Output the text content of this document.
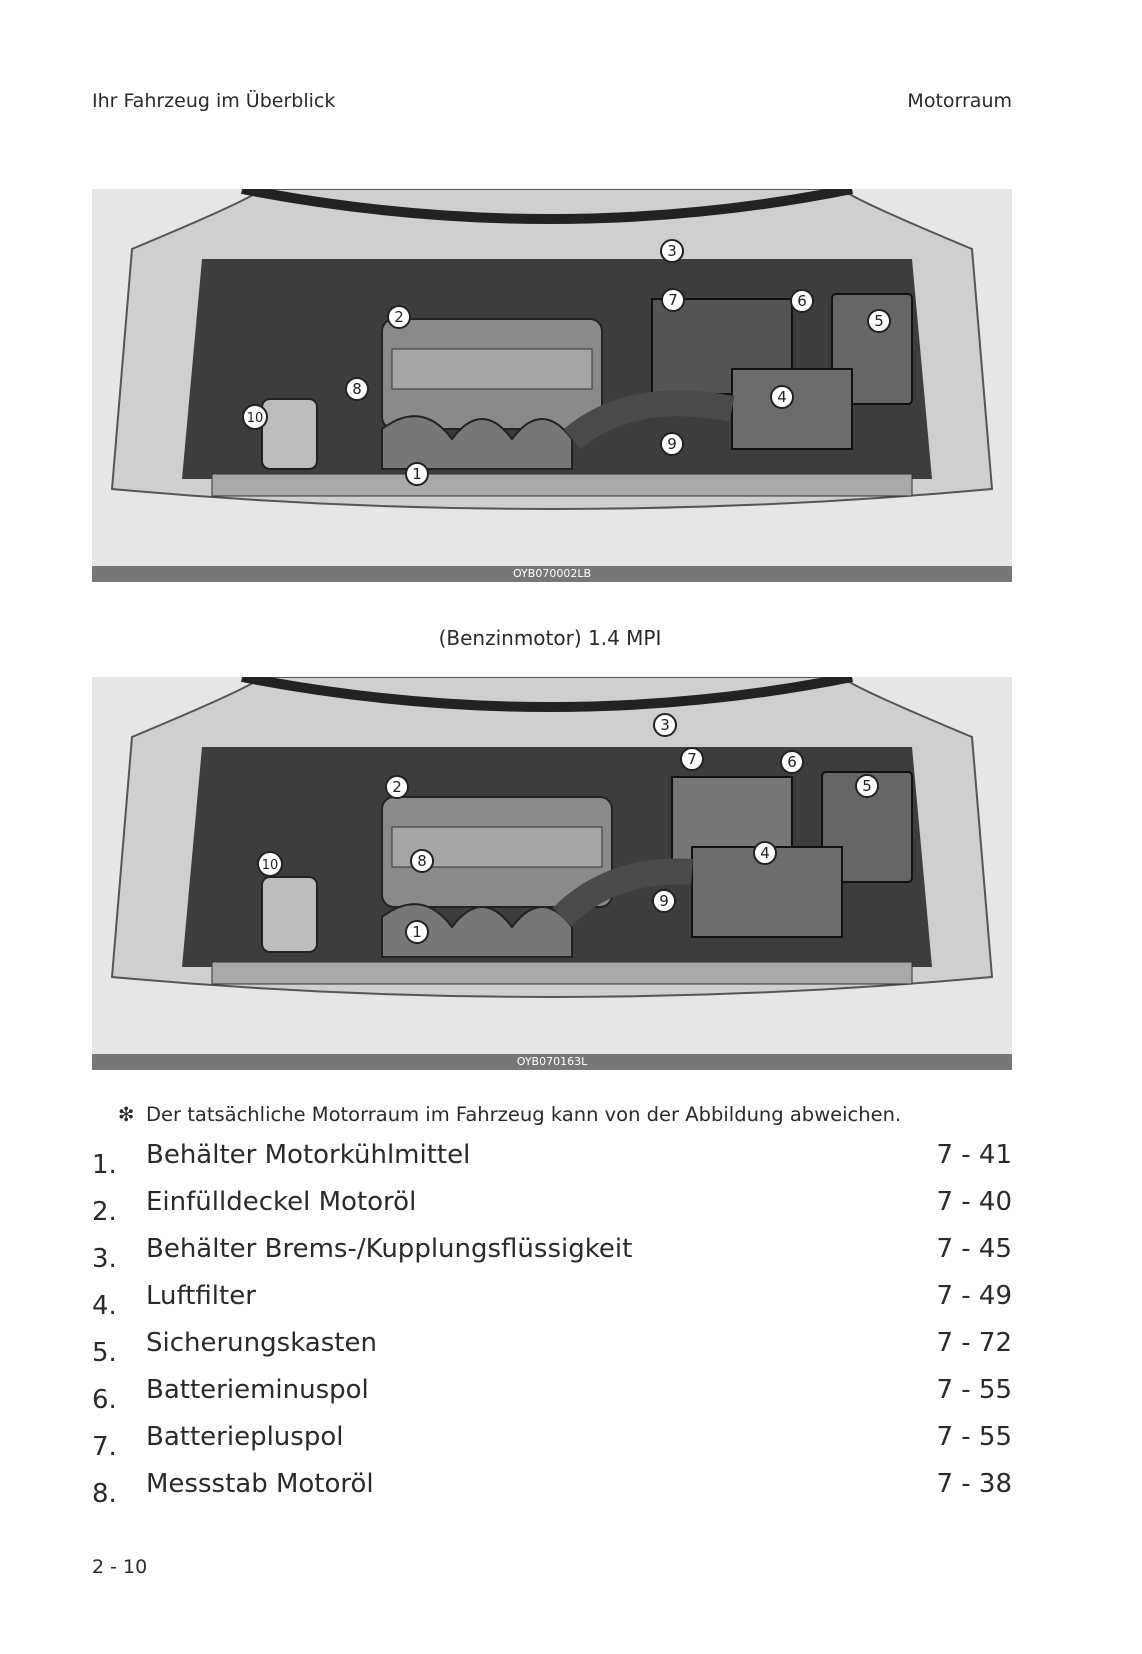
Ihr Fahrzeug im Überblick	Motorraum
1
2
3
4
5
6
7
8
9
10
OYB070002LB
(Benzinmotor) 1.4 MPI
1
2
3
4
5
6
7
8
9
10
OYB070163L
❇ Der tatsächliche Motorraum im Fahrzeug kann von der Abbildung abweichen.
1. Behälter Motorkühlmittel	7 - 41
2. Einfülldeckel Motoröl	7 - 40
3. Behälter Brems-/Kupplungsflüssigkeit	7 - 45
4. Luftfilter	7 - 49
5. Sicherungskasten	7 - 72
6. Batterieminuspol	7 - 55
7. Batteriepluspol	7 - 55
8. Messstab Motoröl	7 - 38
2 - 10
